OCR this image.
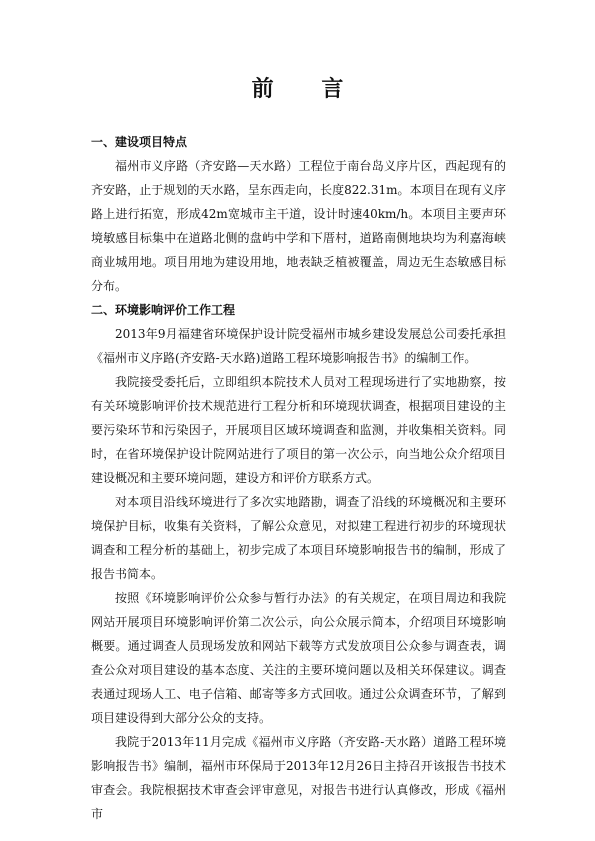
前 言
一、建设项目特点

福州市义序路（齐安路—天水路）工程位于南台岛义序片区，西起现有的齐安路，止于规划的天水路，呈东西走向，长度822.31m。本项目在现有义序路上进行拓宽，形成42m宽城市主干道，设计时速40km/h。本项目主要声环境敏感目标集中在道路北侧的盘屿中学和下厝村，道路南侧地块均为利嘉海峡商业城用地。项目用地为建设用地，地表缺乏植被覆盖，周边无生态敏感目标分布。

二、环境影响评价工作工程

2013年9月福建省环境保护设计院受福州市城乡建设发展总公司委托承担《福州市义序路(齐安路-天水路)道路工程环境影响报告书》的编制工作。

我院接受委托后，立即组织本院技术人员对工程现场进行了实地勘察，按有关环境影响评价技术规范进行工程分析和环境现状调查，根据项目建设的主要污染环节和污染因子，开展项目区域环境调查和监测，并收集相关资料。同时，在省环境保护设计院网站进行了项目的第一次公示，向当地公众介绍项目建设概况和主要环境问题，建设方和评价方联系方式。

对本项目沿线环境进行了多次实地踏勘，调查了沿线的环境概况和主要环境保护目标，收集有关资料，了解公众意见，对拟建工程进行初步的环境现状调查和工程分析的基础上，初步完成了本项目环境影响报告书的编制，形成了报告书简本。

按照《环境影响评价公众参与暂行办法》的有关规定，在项目周边和我院网站开展项目环境影响评价第二次公示，向公众展示简本，介绍项目环境影响概要。通过调查人员现场发放和网站下载等方式发放项目公众参与调查表，调查公众对项目建设的基本态度、关注的主要环境问题以及相关环保建议。调查表通过现场人工、电子信箱、邮寄等多方式回收。通过公众调查环节，了解到项目建设得到大部分公众的支持。

我院于2013年11月完成《福州市义序路（齐安路-天水路）道路工程环境影响报告书》编制，福州市环保局于2013年12月26日主持召开该报告书技术审查会。我院根据技术审查会评审意见，对报告书进行认真修改，形成《福州市
